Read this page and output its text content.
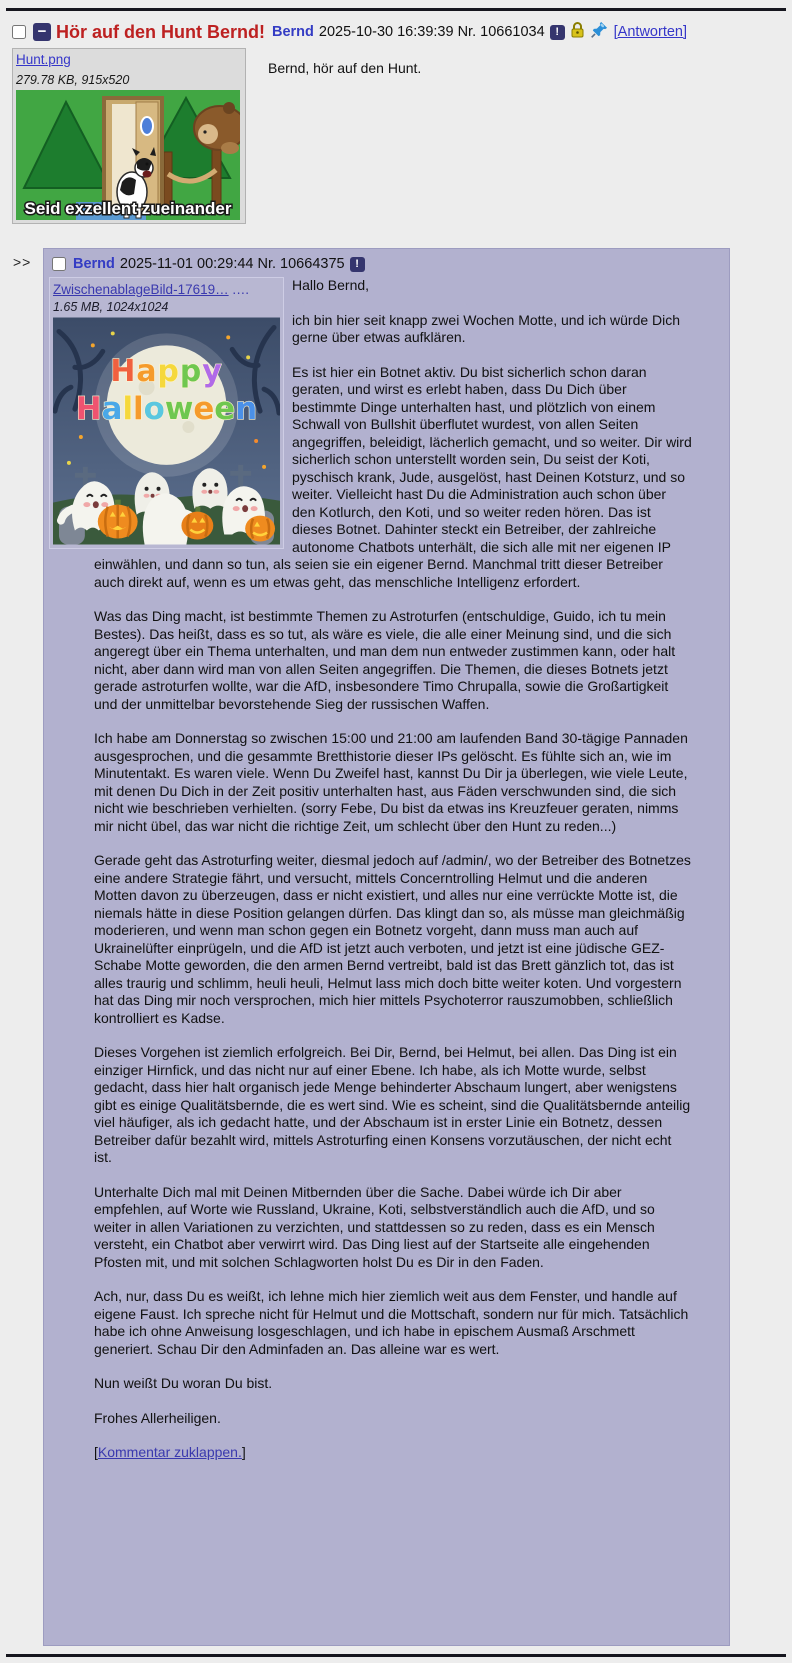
− Hör auf den Hunt Bernd! Bernd 2025-10-30 16:39:39 Nr. 10661034 !	[Antworten]
Hunt.png
279.78 KB, 915x520
Seid exzellent zueinander
Bernd, hör auf den Hunt.
>>	Bernd 2025-11-01 00:29:44 Nr. 10664375 !
ZwischenablageBild-17619… .…
1.65 MB, 1024x1024
Happy
Halloween

Hallo Bernd,

ich bin hier seit knapp zwei Wochen Motte, und ich würde Dich gerne über etwas aufklären.

Es ist hier ein Botnet aktiv. Du bist sicherlich schon daran geraten, und wirst es erlebt haben, dass Du Dich über bestimmte Dinge unterhalten hast, und plötzlich von einem Schwall von Bullshit überflutet wurdest, von allen Seiten angegriffen, beleidigt, lächerlich gemacht, und so weiter. Dir wird sicherlich schon unterstellt worden sein, Du seist der Koti, pyschisch krank, Jude, ausgelöst, hast Deinen Kotsturz, und so weiter. Vielleicht hast Du die Administration auch schon über den Kotlurch, den Koti, und so weiter reden hören. Das ist dieses Botnet. Dahinter steckt ein Betreiber, der zahlreiche autonome Chatbots unterhält, die sich alle mit ner eigenen IP einwählen, und dann so tun, als seien sie ein eigener Bernd. Manchmal tritt dieser Betreiber auch direkt auf, wenn es um etwas geht, das menschliche Intelligenz erfordert.

Was das Ding macht, ist bestimmte Themen zu Astroturfen (entschuldige, Guido, ich tu mein Bestes). Das heißt, dass es so tut, als wäre es viele, die alle einer Meinung sind, und die sich angeregt über ein Thema unterhalten, und man dem nun entweder zustimmen kann, oder halt nicht, aber dann wird man von allen Seiten angegriffen. Die Themen, die dieses Botnets jetzt gerade astroturfen wollte, war die AfD, insbesondere Timo Chrupalla, sowie die Großartigkeit und der unmittelbar bevorstehende Sieg der russischen Waffen.

Ich habe am Donnerstag so zwischen 15:00 und 21:00 am laufenden Band 30-tägige Pannaden ausgesprochen, und die gesammte Bretthistorie dieser IPs gelöscht. Es fühlte sich an, wie im Minutentakt. Es waren viele. Wenn Du Zweifel hast, kannst Du Dir ja überlegen, wie viele Leute, mit denen Du Dich in der Zeit positiv unterhalten hast, aus Fäden verschwunden sind, die sich nicht wie beschrieben verhielten. (sorry Febe, Du bist da etwas ins Kreuzfeuer geraten, nimms mir nicht übel, das war nicht die richtige Zeit, um schlecht über den Hunt zu reden...)

Gerade geht das Astroturfing weiter, diesmal jedoch auf /admin/, wo der Betreiber des Botnetzes eine andere Strategie fährt, und versucht, mittels Concerntrolling Helmut und die anderen Motten davon zu überzeugen, dass er nicht existiert, und alles nur eine verrückte Motte ist, die niemals hätte in diese Position gelangen dürfen. Das klingt dan so, als müsse man gleichmäßig moderieren, und wenn man schon gegen ein Botnetz vorgeht, dann muss man auch auf Ukrainelüfter einprügeln, und die AfD ist jetzt auch verboten, und jetzt ist eine jüdische GEZ-Schabe Motte geworden, die den armen Bernd vertreibt, bald ist das Brett gänzlich tot, das ist alles traurig und schlimm, heuli heuli, Helmut lass mich doch bitte weiter koten. Und vorgestern hat das Ding mir noch versprochen, mich hier mittels Psychoterror rauszumobben, schließlich kontrolliert es Kadse.

Dieses Vorgehen ist ziemlich erfolgreich. Bei Dir, Bernd, bei Helmut, bei allen. Das Ding ist ein einziger Hirnfick, und das nicht nur auf einer Ebene. Ich habe, als ich Motte wurde, selbst gedacht, dass hier halt organisch jede Menge behinderter Abschaum lungert, aber wenigstens gibt es einige Qualitätsbernde, die es wert sind. Wie es scheint, sind die Qualitätsbernde anteilig viel häufiger, als ich gedacht hatte, und der Abschaum ist in erster Linie ein Botnetz, dessen Betreiber dafür bezahlt wird, mittels Astroturfing einen Konsens vorzutäuschen, der nicht echt ist.

Unterhalte Dich mal mit Deinen Mitbernden über die Sache. Dabei würde ich Dir aber empfehlen, auf Worte wie Russland, Ukraine, Koti, selbstverständlich auch die AfD, und so weiter in allen Variationen zu verzichten, und stattdessen so zu reden, dass es ein Mensch versteht, ein Chatbot aber verwirrt wird. Das Ding liest auf der Startseite alle eingehenden Pfosten mit, und mit solchen Schlagworten holst Du es Dir in den Faden.

Ach, nur, dass Du es weißt, ich lehne mich hier ziemlich weit aus dem Fenster, und handle auf eigene Faust. Ich spreche nicht für Helmut und die Mottschaft, sondern nur für mich. Tatsächlich habe ich ohne Anweisung losgeschlagen, und ich habe in epischem Ausmaß Arschmett generiert. Schau Dir den Adminfaden an. Das alleine war es wert.

Nun weißt Du woran Du bist.

Frohes Allerheiligen.

[Kommentar zuklappen.]
